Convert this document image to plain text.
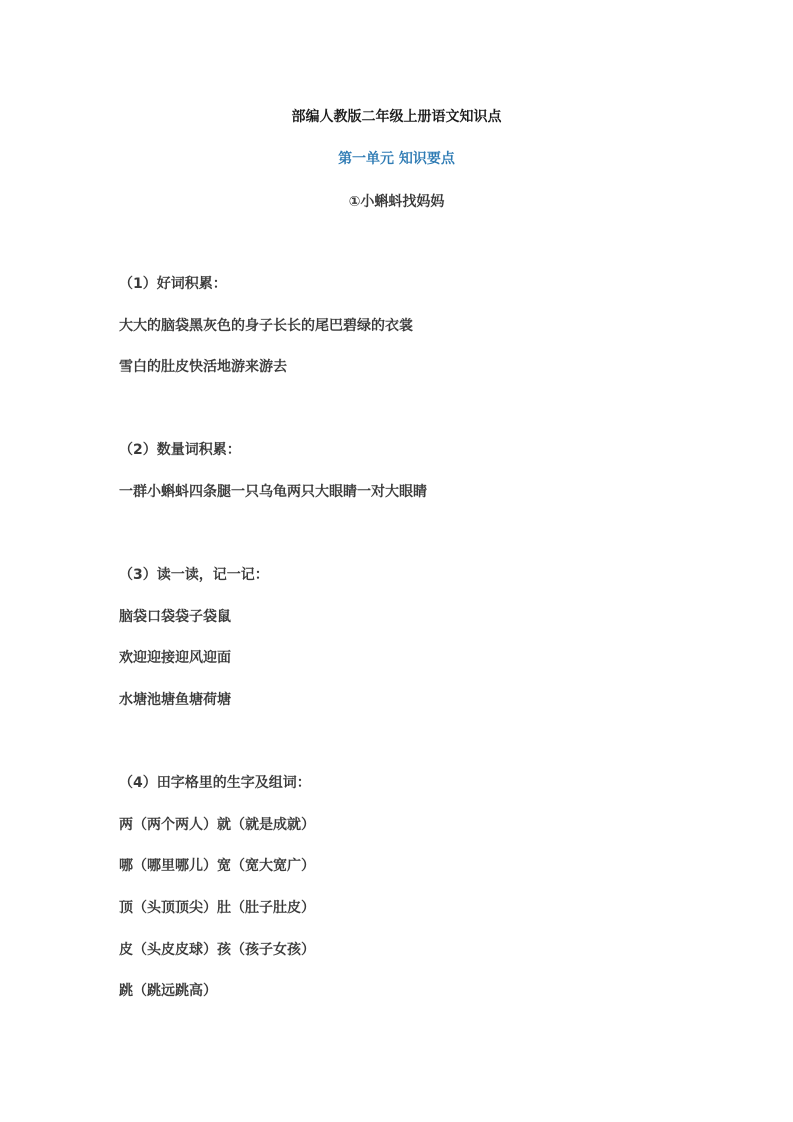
部编人教版二年级上册语文知识点
第一单元 知识要点
①小蝌蚪找妈妈
（1）好词积累：
大大的脑袋黑灰色的身子长长的尾巴碧绿的衣裳
雪白的肚皮快活地游来游去
（2）数量词积累：
一群小蝌蚪四条腿一只乌龟两只大眼睛一对大眼睛
（3）读一读，记一记：
脑袋口袋袋子袋鼠
欢迎迎接迎风迎面
水塘池塘鱼塘荷塘
（4）田字格里的生字及组词：
两（两个两人）就（就是成就）
哪（哪里哪儿）宽（宽大宽广）
顶（头顶顶尖）肚（肚子肚皮）
皮（头皮皮球）孩（孩子女孩）
跳（跳远跳高）
